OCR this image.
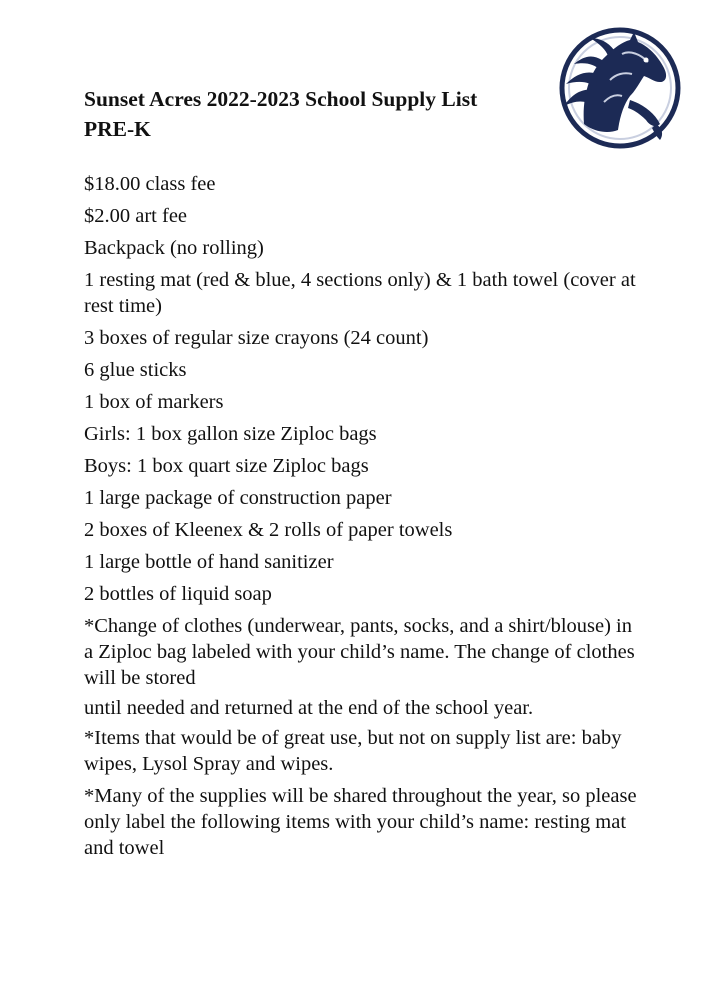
Sunset Acres 2022-2023 School Supply List
PRE-K
$18.00 class fee
$2.00 art fee
Backpack (no rolling)
1 resting mat (red & blue, 4 sections only) & 1 bath towel (cover at rest time)
3 boxes of regular size crayons (24 count)
6 glue sticks
1 box of markers
Girls: 1 box gallon size Ziploc bags
Boys: 1 box quart size Ziploc bags
1 large package of construction paper
2 boxes of Kleenex & 2 rolls of paper towels
1 large bottle of hand sanitizer
2 bottles of liquid soap
*Change of clothes (underwear, pants, socks, and a shirt/blouse) in a Ziploc bag labeled with your child’s name. The change of clothes will be stored
until needed and returned at the end of the school year.
*Items that would be of great use, but not on supply list are: baby wipes, Lysol Spray and wipes.
*Many of the supplies will be shared throughout the year, so please only label the following items with your child’s name: resting mat and towel
